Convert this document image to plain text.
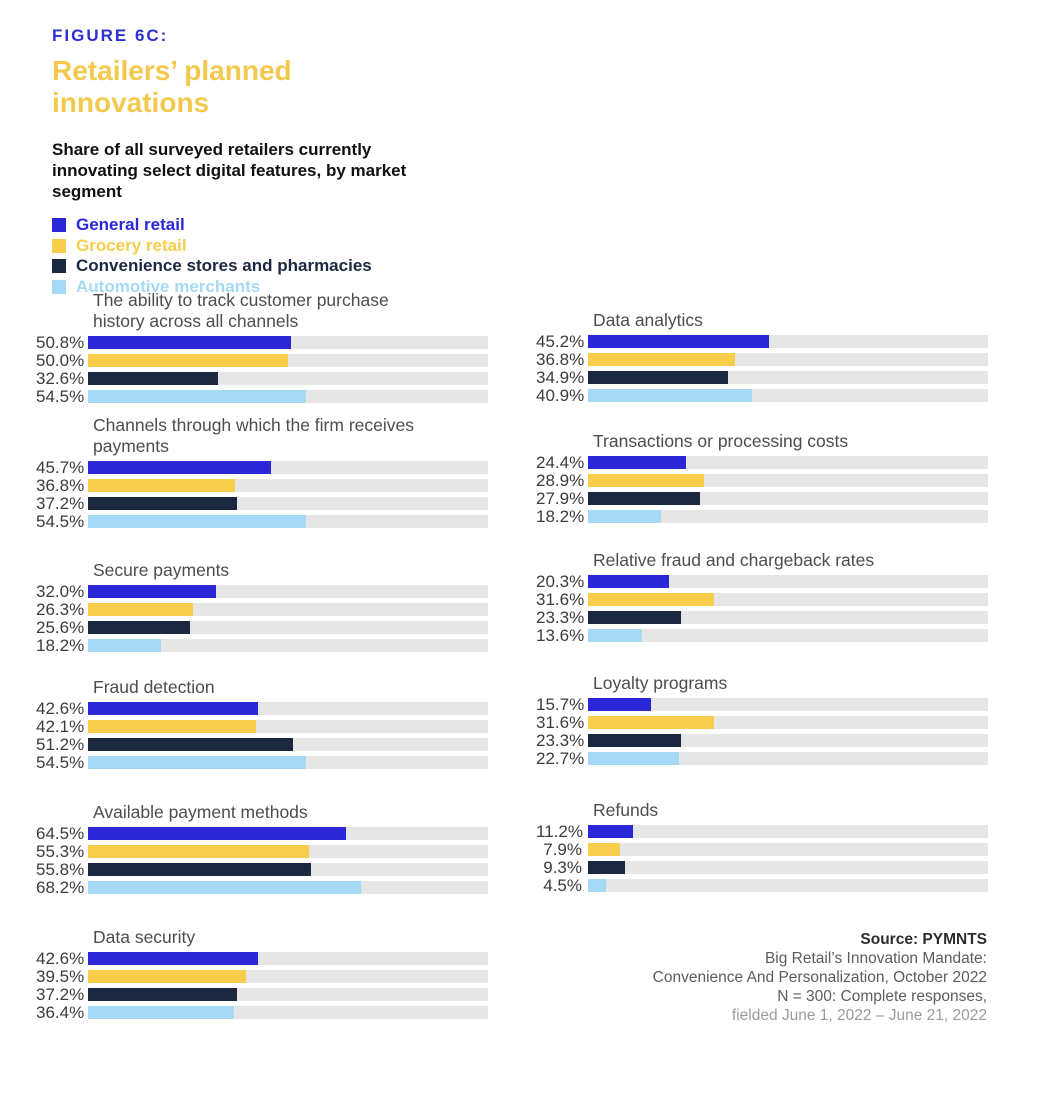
FIGURE 6C:
Retailers’ planned innovations

Share of all surveyed retailers currently innovating select digital features, by market segment

General retail
Grocery retail
Convenience stores and pharmacies
Automotive merchants
The ability to track customer purchase history across all channels
50.8%
50.0%
32.6%
54.5%
Channels through which the firm receives payments
45.7%
36.8%
37.2%
54.5%
Secure payments
32.0%
26.3%
25.6%
18.2%
Fraud detection
42.6%
42.1%
51.2%
54.5%
Available payment methods
64.5%
55.3%
55.8%
68.2%
Data security
42.6%
39.5%
37.2%
36.4%
Data analytics
45.2%
36.8%
34.9%
40.9%
Transactions or processing costs
24.4%
28.9%
27.9%
18.2%
Relative fraud and chargeback rates
20.3%
31.6%
23.3%
13.6%
Loyalty programs
15.7%
31.6%
23.3%
22.7%
Refunds
11.2%
7.9%
9.3%
4.5%
Source: PYMNTS
Big Retail’s Innovation Mandate:
Convenience And Personalization, October 2022
N = 300: Complete responses,
fielded June 1, 2022 – June 21, 2022
